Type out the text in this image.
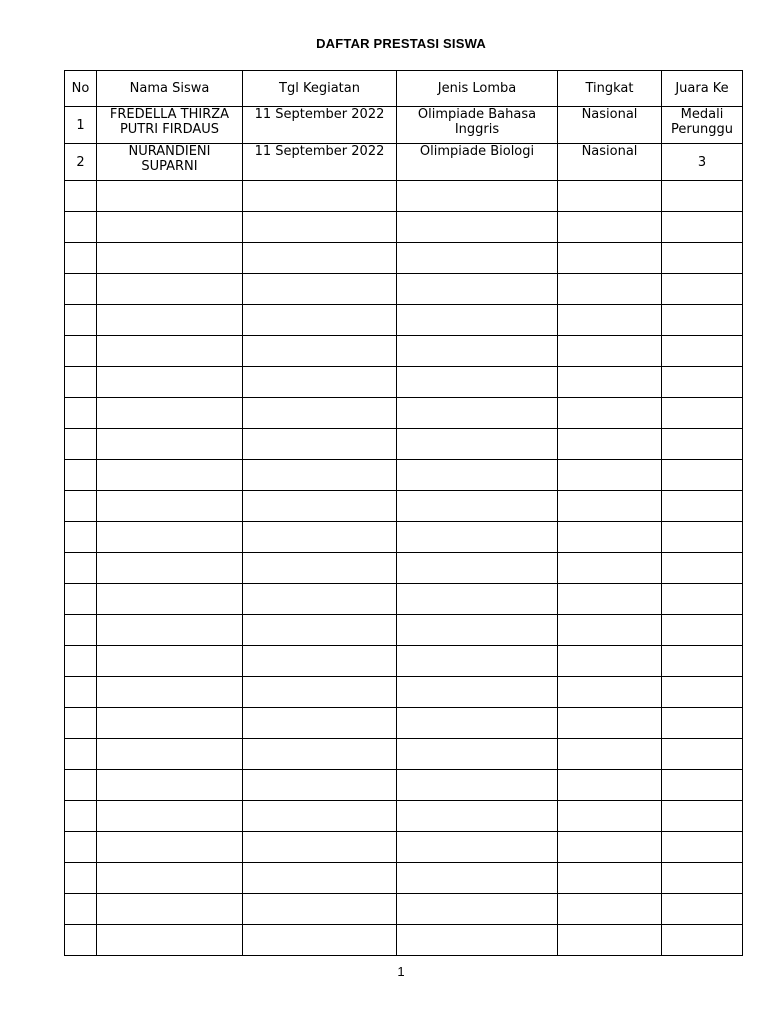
DAFTAR PRESTASI SISWA
No	Nama Siswa	Tgl Kegiatan	Jenis Lomba	Tingkat	Juara Ke
1	FREDELLA THIRZA PUTRI FIRDAUS	11 September 2022	Olimpiade Bahasa Inggris	Nasional	Medali Perunggu
2	NURANDIENI SUPARNI	11 September 2022	Olimpiade Biologi	Nasional	3

1
